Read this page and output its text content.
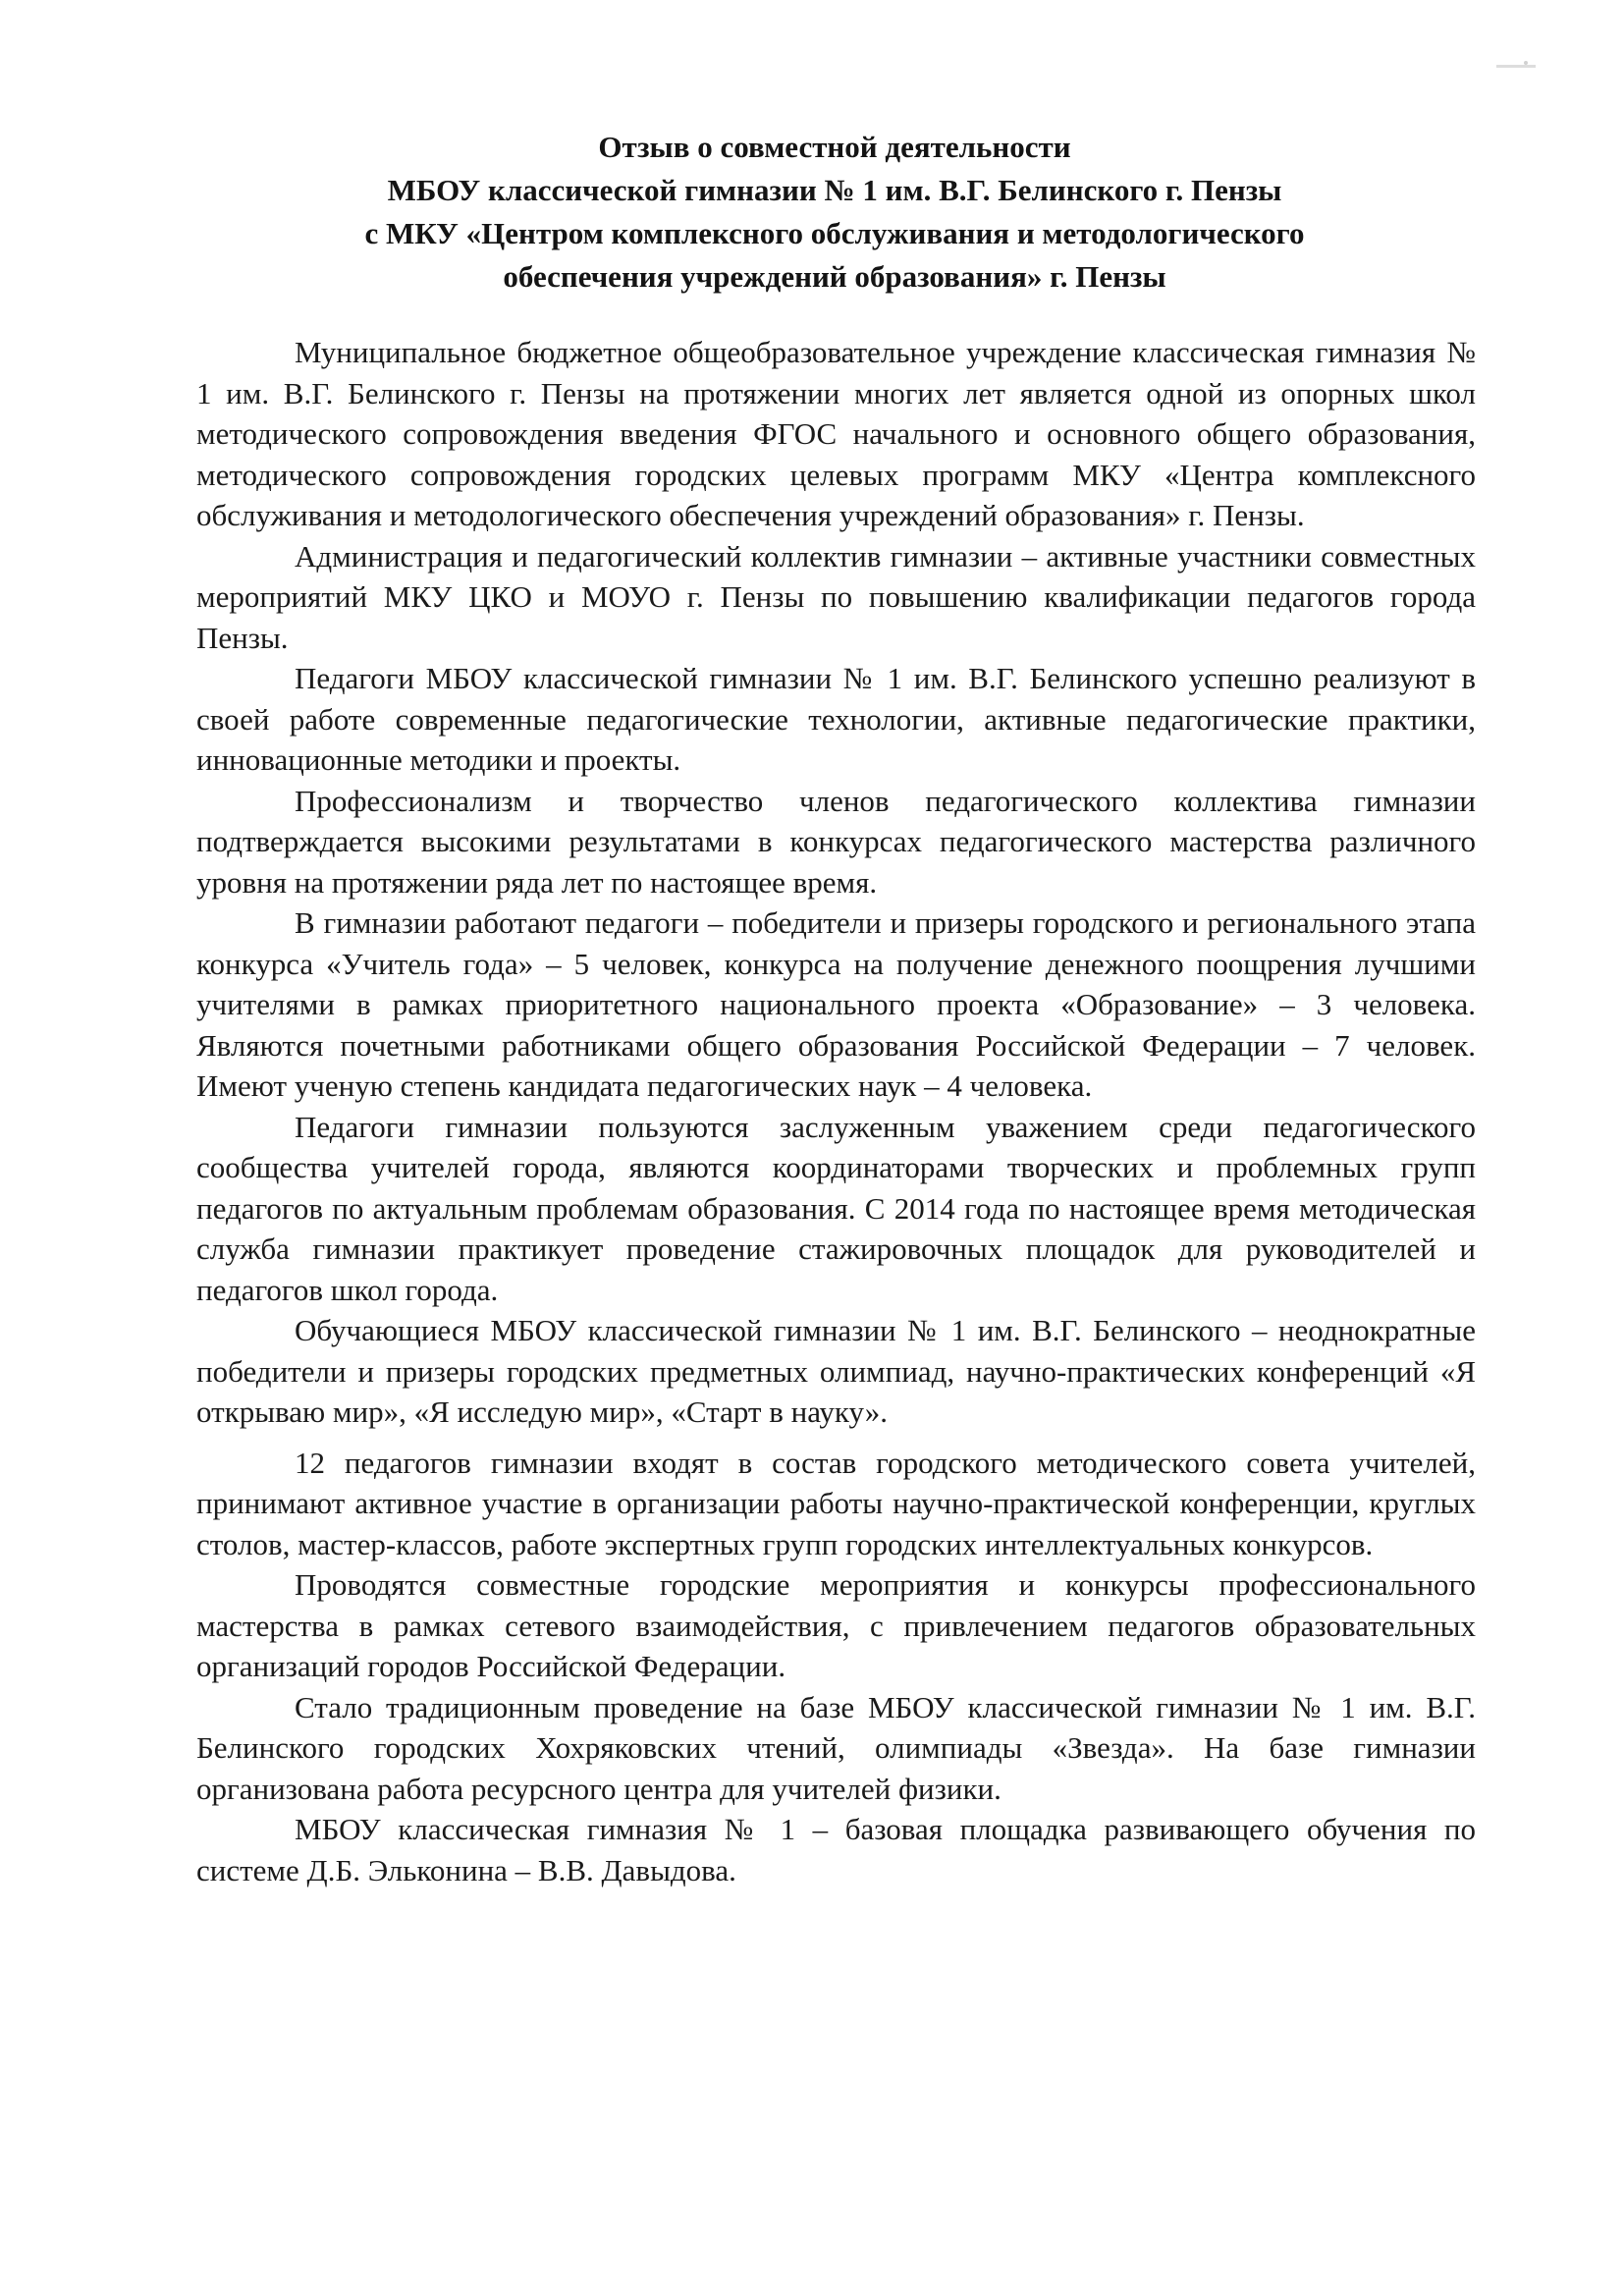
Отзыв о совместной деятельности
МБОУ классической гимназии № 1 им. В.Г. Белинского г. Пензы
с МКУ «Центром комплексного обслуживания и методологического
обеспечения учреждений образования» г. Пензы

Муниципальное бюджетное общеобразовательное учреждение классическая гимназия № 1 им. В.Г. Белинского г. Пензы на протяжении многих лет является одной из опорных школ методического сопровождения введения ФГОС начального и основного общего образования, методического сопровождения городских целевых программ МКУ «Центра комплексного обслуживания и методологического обеспечения учреждений образования» г. Пензы.

Администрация и педагогический коллектив гимназии – активные участники совместных мероприятий МКУ ЦКО и МОУО г. Пензы по повышению квалификации педагогов города Пензы.

Педагоги МБОУ классической гимназии № 1 им. В.Г. Белинского успешно реализуют в своей работе современные педагогические технологии, активные педагогические практики, инновационные методики и проекты.

Профессионализм и творчество членов педагогического коллектива гимназии подтверждается высокими результатами в конкурсах педагогического мастерства различного уровня на протяжении ряда лет по настоящее время.

В гимназии работают педагоги – победители и призеры городского и регионального этапа конкурса «Учитель года» – 5 человек, конкурса на получение денежного поощрения лучшими учителями в рамках приоритетного национального проекта «Образование» – 3 человека. Являются почетными работниками общего образования Российской Федерации – 7 человек. Имеют ученую степень кандидата педагогических наук – 4 человека.

Педагоги гимназии пользуются заслуженным уважением среди педагогического сообщества учителей города, являются координаторами творческих и проблемных групп педагогов по актуальным проблемам образования. С 2014 года по настоящее время методическая служба гимназии практикует проведение стажировочных площадок для руководителей и педагогов школ города.

Обучающиеся МБОУ классической гимназии № 1 им. В.Г. Белинского – неоднократные победители и призеры городских предметных олимпиад, научно-практических конференций «Я открываю мир», «Я исследую мир», «Старт в науку».

12 педагогов гимназии входят в состав городского методического совета учителей, принимают активное участие в организации работы научно-практической конференции, круглых столов, мастер-классов, работе экспертных групп городских интеллектуальных конкурсов.

Проводятся совместные городские мероприятия и конкурсы профессионального мастерства в рамках сетевого взаимодействия, с привлечением педагогов образовательных организаций городов Российской Федерации.

Стало традиционным проведение на базе МБОУ классической гимназии № 1 им. В.Г. Белинского городских Хохряковских чтений, олимпиады «Звезда». На базе гимназии организована работа ресурсного центра для учителей физики.

МБОУ классическая гимназия № 1 – базовая площадка развивающего обучения по системе Д.Б. Эльконина – В.В. Давыдова.
